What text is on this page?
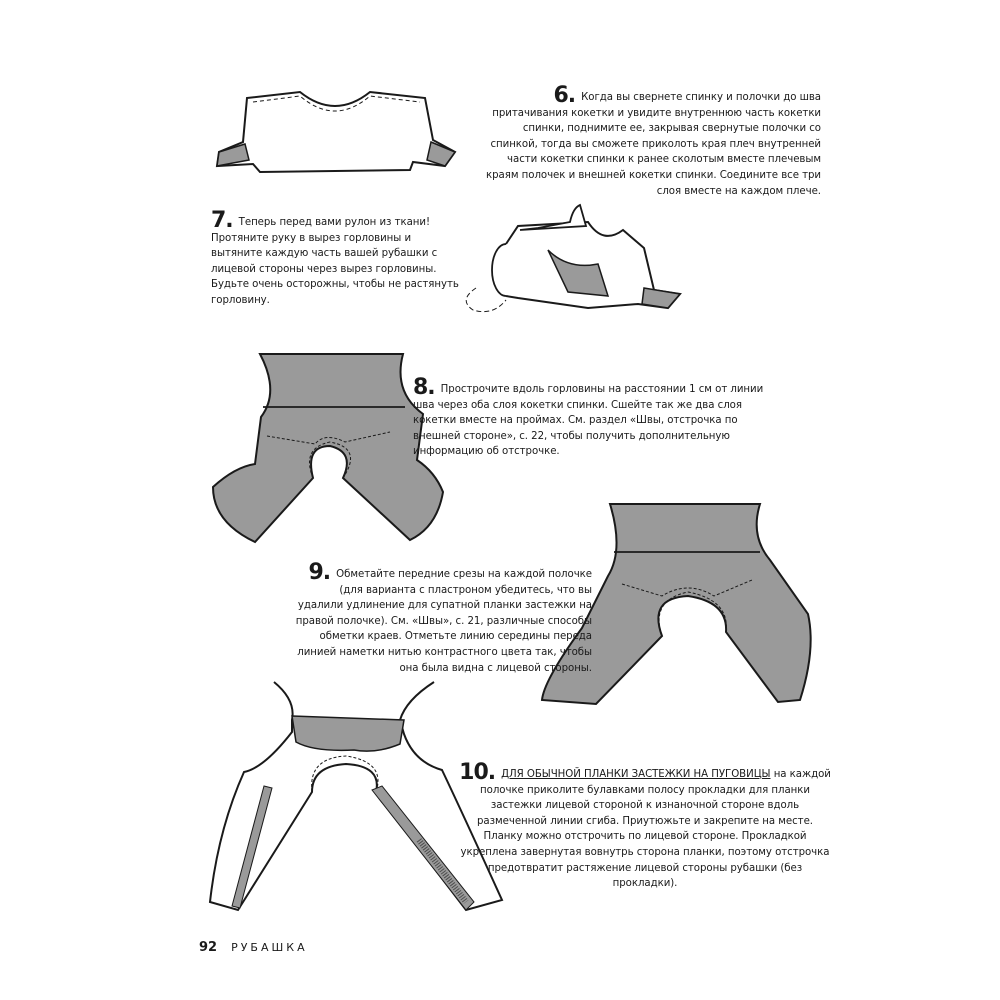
6. Когда вы свернете спинку и полочки до шва притачивания кокетки и увидите внутреннюю часть кокетки спинки, поднимите ее, закрывая свернутые полочки со спинкой, тогда вы сможете приколоть края плеч внутренней части кокетки спинки к ранее сколотым вместе плечевым краям полочек и внешней кокетки спинки. Соедините все три слоя вместе на каждом плече.
7. Теперь перед вами рулон из ткани! Протяните руку в вырез горловины и вытяните каждую часть вашей рубашки с лицевой стороны через вырез горловины. Будьте очень осторожны, чтобы не растянуть горловину.
8. Прострочите вдоль горловины на расстоянии 1 см от линии шва через оба слоя кокетки спинки. Сшейте так же два слоя кокетки вместе на проймах. См. раздел «Швы, отстрочка по внешней стороне», с. 22, чтобы получить дополнительную информацию об отстрочке.
9. Обметайте передние срезы на каждой полочке (для варианта с пластроном убедитесь, что вы удалили удлинение для супатной планки застежки на правой полочке). См. «Швы», с. 21, различные способы обметки краев. Отметьте линию середины переда линией наметки нитью контрастного цвета так, чтобы она была видна с лицевой стороны.
10. ДЛЯ ОБЫЧНОЙ ПЛАНКИ ЗАСТЕЖКИ НА ПУГОВИЦЫ на каждой полочке приколите булавками полосу прокладки для планки застежки лицевой стороной к изнаночной стороне вдоль размеченной линии сгиба. Приутюжьте и закрепите на месте. Планку можно отстрочить по лицевой стороне. Прокладкой укреплена завернутая вовнутрь сторона планки, поэтому отстрочка предотвратит растяжение лицевой стороны рубашки (без прокладки).
92 РУБАШКА
